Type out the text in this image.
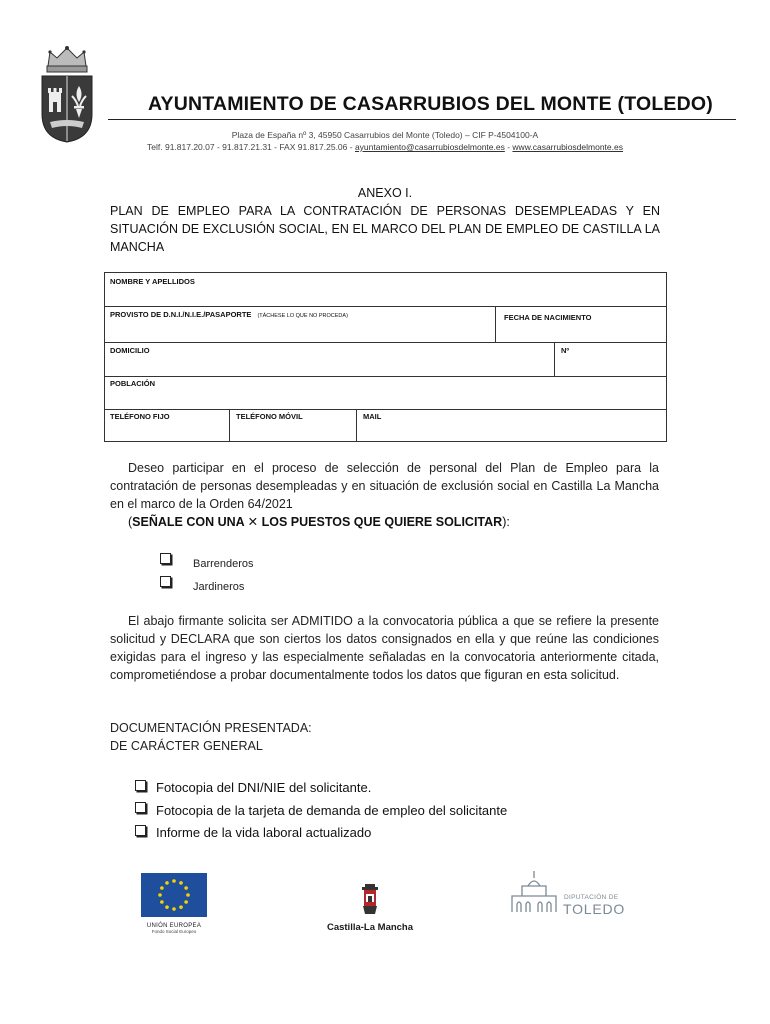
AYUNTAMIENTO DE CASARRUBIOS DEL MONTE (TOLEDO)
Plaza de España nº 3, 45950 Casarrubios del Monte (Toledo) – CIF P-4504100-A
Telf. 91.817.20.07 - 91.817.21.31 - FAX 91.817.25.06 - ayuntamiento@casarrubiosdelmonte.es - www.casarrubiosdelmonte.es
ANEXO I.
PLAN DE EMPLEO PARA LA CONTRATACIÓN DE PERSONAS DESEMPLEADAS Y EN SITUACIÓN DE EXCLUSIÓN SOCIAL, EN EL MARCO DEL PLAN DE EMPLEO DE CASTILLA LA MANCHA
NOMBRE Y APELLIDOS
PROVISTO DE D.N.I./N.I.E./PASAPORTE (TÁCHESE LO QUE NO PROCEDA)	FECHA DE NACIMIENTO
DOMICILIO	Nº
POBLACIÓN
TELÉFONO FIJO	TELÉFONO MÓVIL	MAIL
Deseo participar en el proceso de selección de personal del Plan de Empleo para la contratación de personas desempleadas y en situación de exclusión social en Castilla La Mancha en el marco de la Orden 64/2021
(SEÑALE CON UNA ✕ LOS PUESTOS QUE QUIERE SOLICITAR):
Barrenderos
Jardineros
El abajo firmante solicita ser ADMITIDO a la convocatoria pública a que se refiere la presente solicitud y DECLARA que son ciertos los datos consignados en ella y que reúne las condiciones exigidas para el ingreso y las especialmente señaladas en la convocatoria anteriormente citada, comprometiéndose a probar documentalmente todos los datos que figuran en esta solicitud.
DOCUMENTACIÓN PRESENTADA:
DE CARÁCTER GENERAL
Fotocopia del DNI/NIE del solicitante.
Fotocopia de la tarjeta de demanda de empleo del solicitante
Informe de la vida laboral actualizado
UNIÓN EUROPEA
Fondo Social Europeo	Castilla-La Mancha
DIPUTACIÓN DE
TOLEDO
